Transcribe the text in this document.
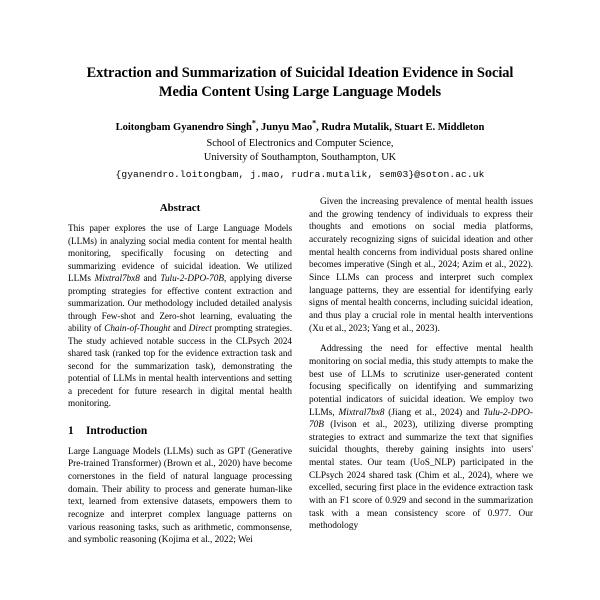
Extraction and Summarization of Suicidal Ideation Evidence in Social Media Content Using Large Language Models
Loitongbam Gyanendro Singh*, Junyu Mao*, Rudra Mutalik, Stuart E. Middleton
School of Electronics and Computer Science,
University of Southampton, Southampton, UK
{gyanendro.loitongbam, j.mao, rudra.mutalik, sem03}@soton.ac.uk
Abstract

This paper explores the use of Large Language Models (LLMs) in analyzing social media content for mental health monitoring, specifically focusing on detecting and summarizing evidence of suicidal ideation. We utilized LLMs Mixtral7bx8 and Tulu-2-DPO-70B, applying diverse prompting strategies for effective content extraction and summarization. Our methodology included detailed analysis through Few-shot and Zero-shot learning, evaluating the ability of Chain-of-Thought and Direct prompting strategies. The study achieved notable success in the CLPsych 2024 shared task (ranked top for the evidence extraction task and second for the summarization task), demonstrating the potential of LLMs in mental health interventions and setting a precedent for future research in digital mental health monitoring.

1 Introduction

Large Language Models (LLMs) such as GPT (Generative Pre-trained Transformer) (Brown et al., 2020) have become cornerstones in the field of natural language processing domain. Their ability to process and generate human-like text, learned from extensive datasets, empowers them to recognize and interpret complex language patterns on various reasoning tasks, such as arithmetic, commonsense, and symbolic reasoning (Kojima et al., 2022; Wei

Given the increasing prevalence of mental health issues and the growing tendency of individuals to express their thoughts and emotions on social media platforms, accurately recognizing signs of suicidal ideation and other mental health concerns from individual posts shared online becomes imperative (Singh et al., 2024; Azim et al., 2022). Since LLMs can process and interpret such complex language patterns, they are essential for identifying early signs of mental health concerns, including suicidal ideation, and thus play a crucial role in mental health interventions (Xu et al., 2023; Yang et al., 2023).

Addressing the need for effective mental health monitoring on social media, this study attempts to make the best use of LLMs to scrutinize user-generated content focusing specifically on identifying and summarizing potential indicators of suicidal ideation. We employ two LLMs, Mixtral7bx8 (Jiang et al., 2024) and Tulu-2-DPO-70B (Ivison et al., 2023), utilizing diverse prompting strategies to extract and summarize the text that signifies suicidal thoughts, thereby gaining insights into users' mental states. Our team (UoS_NLP) participated in the CLPsych 2024 shared task (Chim et al., 2024), where we excelled, securing first place in the evidence extraction task with an F1 score of 0.929 and second in the summarization task with a mean consistency score of 0.977. Our methodology
